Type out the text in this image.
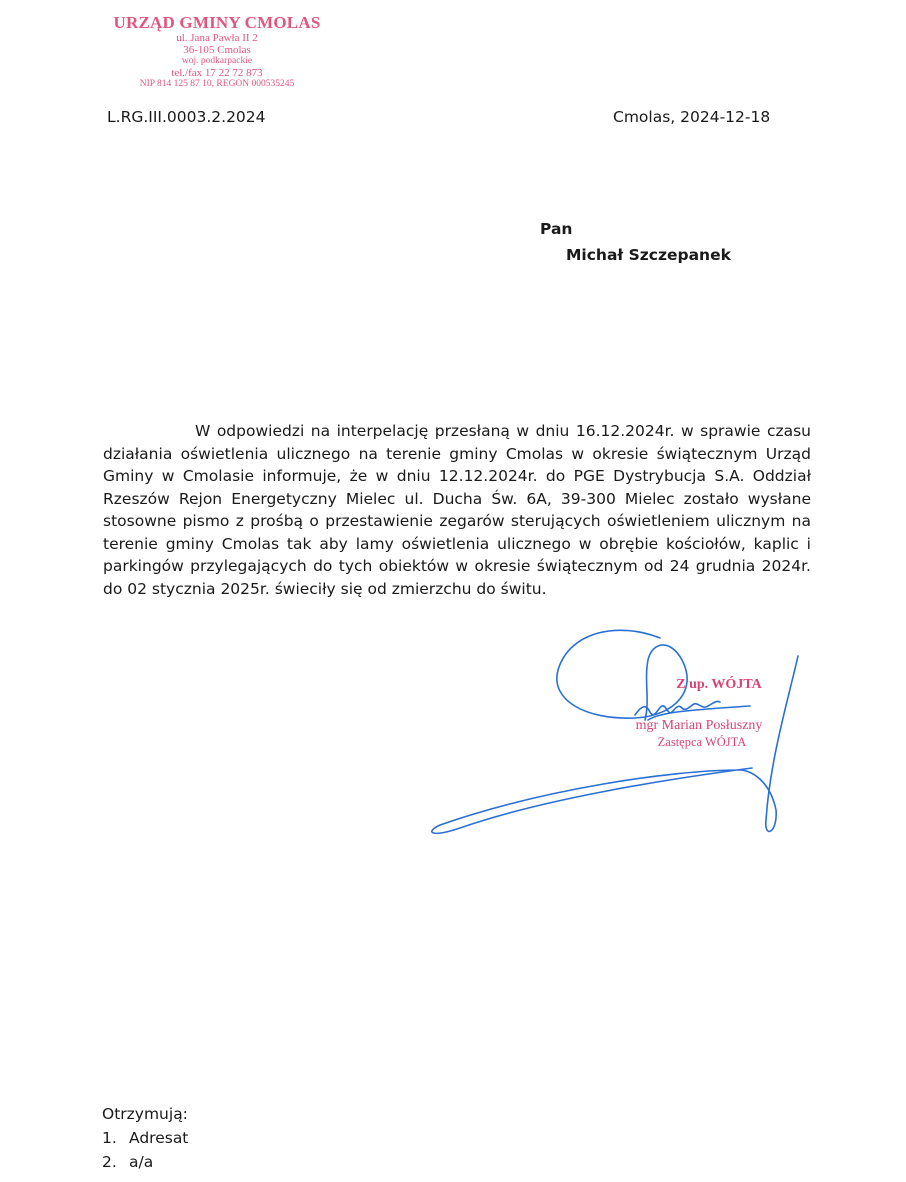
URZĄD GMINY CMOLAS
ul. Jana Pawła II 2
36-105 Cmolas
woj. podkarpackie
tel./fax 17 22 72 873
NIP 814 125 87 10, REGON 000535245
L.RG.III.0003.2.2024	Cmolas, 2024-12-18
Pan
Michał Szczepanek
W odpowiedzi na interpelację przesłaną w dniu 16.12.2024r. w sprawie czasu działania oświetlenia ulicznego na terenie gminy Cmolas w okresie świątecznym Urząd Gminy w Cmolasie informuje, że w dniu 12.12.2024r. do PGE Dystrybucja S.A. Oddział Rzeszów Rejon Energetyczny Mielec ul. Ducha Św. 6A, 39-300 Mielec zostało wysłane stosowne pismo z prośbą o przestawienie zegarów sterujących oświetleniem ulicznym na terenie gminy Cmolas tak aby lamy oświetlenia ulicznego w obrębie kościołów, kaplic i parkingów przylegających do tych obiektów w okresie świątecznym od 24 grudnia 2024r. do 02 stycznia 2025r. świeciły się od zmierzchu do świtu.
Z up. WÓJTA
mgr Marian Posłuszny
Zastępca WÓJTA
Otrzymują:
1. Adresat
2. a/a
